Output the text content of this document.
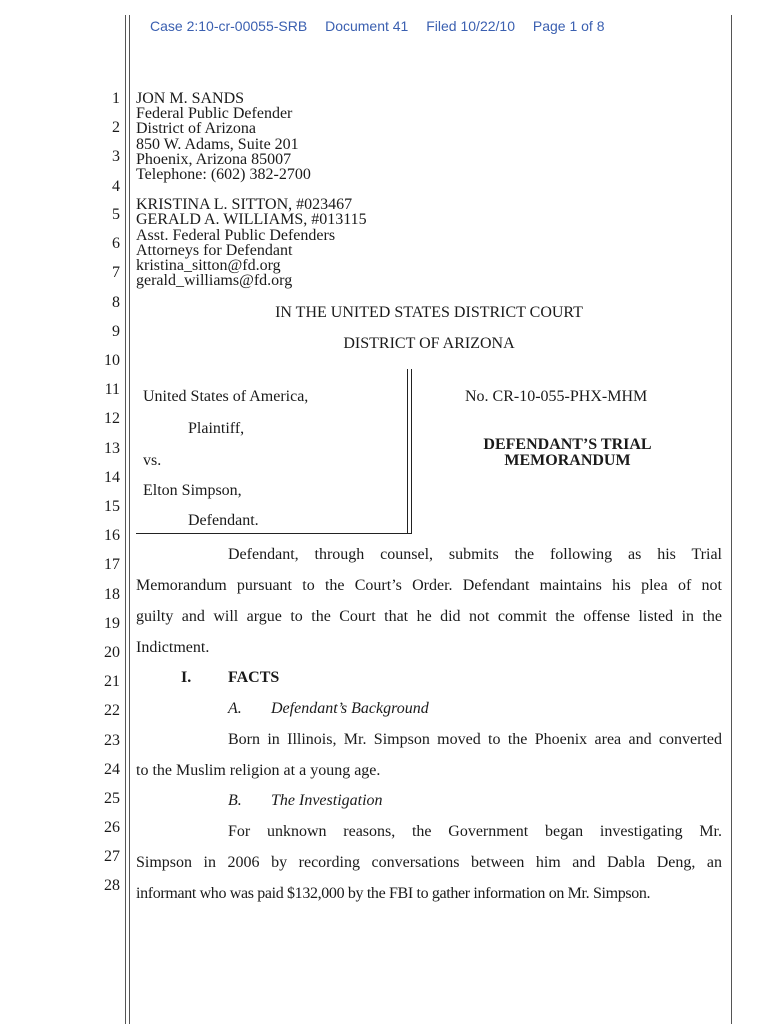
Case 2:10-cr-00055-SRB Document 41 Filed 10/22/10 Page 1 of 8
1
2
3
4
5
6
7
8
9
10
11
12
13
14
15
16
17
18
19
20
21
22
23
24
25
26
27
28
JON M. SANDS
Federal Public Defender
District of Arizona
850 W. Adams, Suite 201
Phoenix, Arizona 85007
Telephone: (602) 382-2700
KRISTINA L. SITTON, #023467
GERALD A. WILLIAMS, #013115
Asst. Federal Public Defenders
Attorneys for Defendant
kristina_sitton@fd.org
gerald_williams@fd.org
IN THE UNITED STATES DISTRICT COURT
DISTRICT OF ARIZONA
United States of America,
Plaintiff,
vs.
Elton Simpson,
Defendant.
No. CR-10-055-PHX-MHM
DEFENDANT’S TRIAL
MEMORANDUM
Defendant, through counsel, submits the following as his Trial
Memorandum pursuant to the Court’s Order. Defendant maintains his plea of not
guilty and will argue to the Court that he did not commit the offense listed in the
Indictment.
I. FACTS
A. Defendant’s Background
Born in Illinois, Mr. Simpson moved to the Phoenix area and converted
to the Muslim religion at a young age.
B. The Investigation
For unknown reasons, the Government began investigating Mr.
Simpson in 2006 by recording conversations between him and Dabla Deng, an
informant who was paid $132,000 by the FBI to gather information on Mr. Simpson.
